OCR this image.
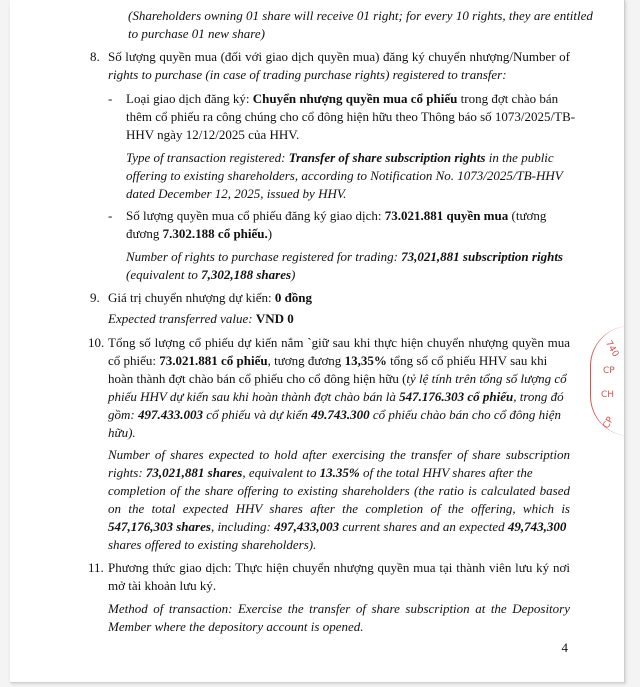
(Shareholders owning 01 share will receive 01 right; for every 10 rights, they are entitled
to purchase 01 new share)
8. Số lượng quyền mua (đối với giao dịch quyền mua) đăng ký chuyển nhượng/Number of
rights to purchase (in case of trading purchase rights) registered to transfer:
- Loại giao dịch đăng ký: Chuyển nhượng quyền mua cổ phiếu trong đợt chào bán
thêm cổ phiếu ra công chúng cho cổ đông hiện hữu theo Thông báo số 1073/2025/TB-
HHV ngày 12/12/2025 của HHV.
Type of transaction registered: Transfer of share subscription rights in the public
offering to existing shareholders, according to Notification No. 1073/2025/TB-HHV
dated December 12, 2025, issued by HHV.
- Số lượng quyền mua cổ phiếu đăng ký giao dịch: 73.021.881 quyền mua (tương
đương 7.302.188 cổ phiếu.)
Number of rights to purchase registered for trading: 73,021,881 subscription rights
(equivalent to 7,302,188 shares)
9. Giá trị chuyển nhượng dự kiến: 0 đồng
Expected transferred value: VND 0
10. Tổng số lượng cổ phiếu dự kiến nắm `giữ sau khi thực hiện chuyển nhượng quyền mua
cổ phiếu: 73.021.881 cổ phiếu, tương đương 13,35% tổng số cổ phiếu HHV sau khi
hoàn thành đợt chào bán cổ phiếu cho cổ đông hiện hữu (tỷ lệ tính trên tổng số lượng cổ
phiếu HHV dự kiến sau khi hoàn thành đợt chào bán là 547.176.303 cổ phiếu, trong đó
gồm: 497.433.003 cổ phiếu và dự kiến 49.743.300 cổ phiếu chào bán cho cổ đông hiện
hữu).
Number of shares expected to hold after exercising the transfer of share subscription
rights: 73,021,881 shares, equivalent to 13.35% of the total HHV shares after the
completion of the share offering to existing shareholders (the ratio is calculated based
on the total expected HHV shares after the completion of the offering, which is
547,176,303 shares, including: 497,433,003 current shares and an expected 49,743,300
shares offered to existing shareholders).
11. Phương thức giao dịch: Thực hiện chuyển nhượng quyền mua tại thành viên lưu ký nơi
mở tài khoản lưu ký.
Method of transaction: Exercise the transfer of share subscription at the Depository
Member where the depository account is opened.
740
CP
CH
CP
4
